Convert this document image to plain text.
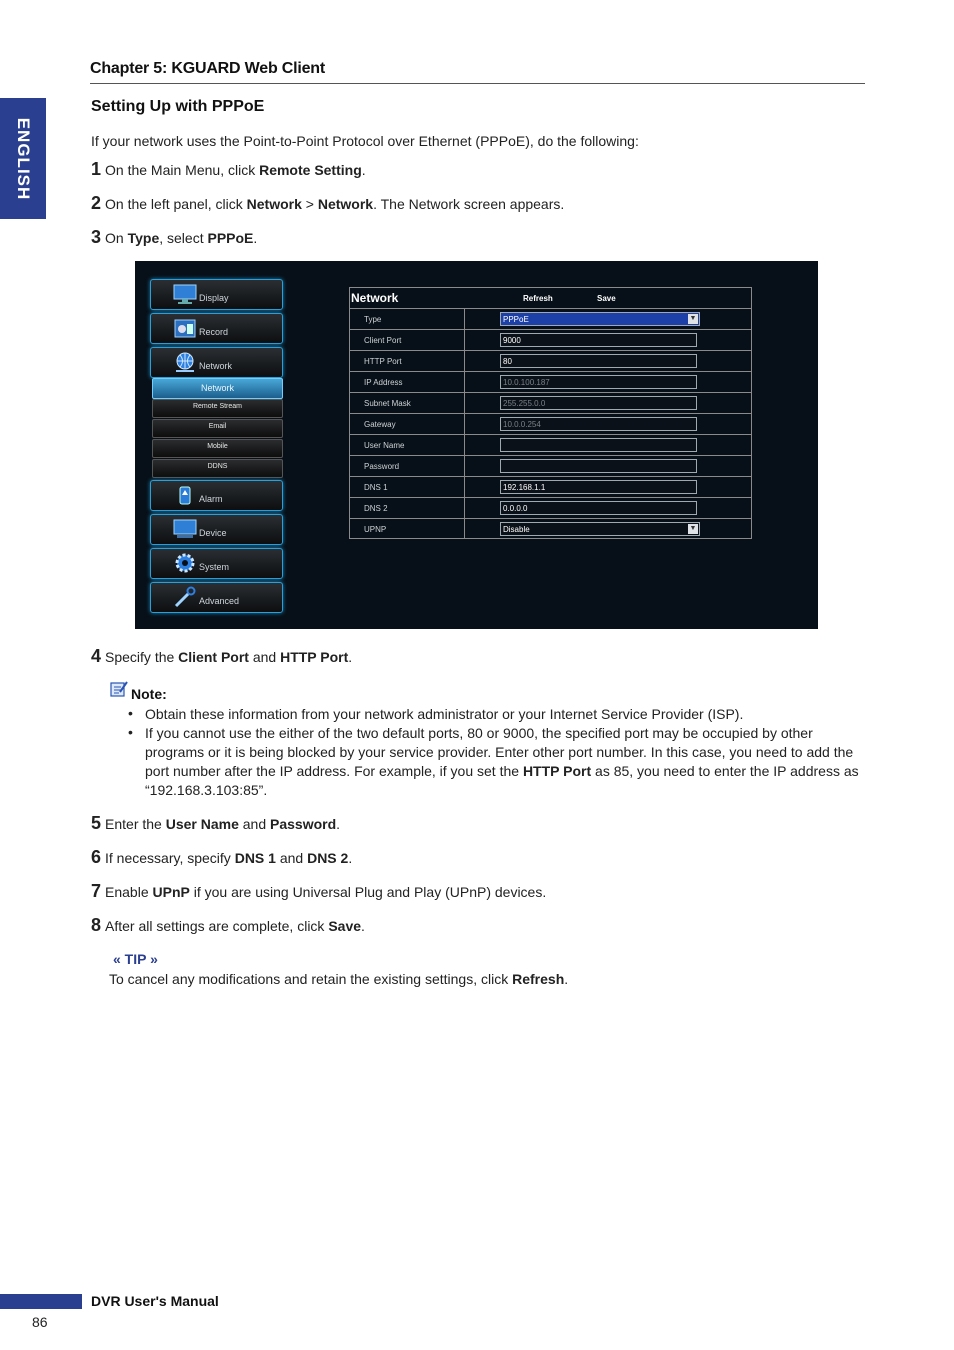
Chapter 5: KGUARD Web Client
ENGLISH
Setting Up with PPPoE
If your network uses the Point-to-Point Protocol over Ethernet (PPPoE), do the following:
1 On the Main Menu, click Remote Setting.
2 On the left panel, click Network > Network. The Network screen appears.
3 On Type, select PPPoE.
Display
Record
Network
Network
Remote Stream
Email
Mobile
DDNS
Alarm
Device
System
Advanced
Network	Refresh	Save
Type	PPPoE	▼
Client Port	9000
HTTP Port	80
IP Address	10.0.100.187
Subnet Mask	255.255.0.0
Gateway	10.0.0.254
User Name
Password
DNS 1	192.168.1.1
DNS 2	0.0.0.0
UPNP	Disable	▼
4 Specify the Client Port and HTTP Port.
Note:
• Obtain these information from your network administrator or your Internet Service Provider (ISP).
• If you cannot use the either of the two default ports, 80 or 9000, the specified port may be occupied by other programs or it is being blocked by your service provider. Enter other port number. In this case, you need to add the port number after the IP address. For example, if you set the HTTP Port as 85, you need to enter the IP address as “192.168.3.103:85”.
5 Enter the User Name and Password.
6 If necessary, specify DNS 1 and DNS 2.
7 Enable UPnP if you are using Universal Plug and Play (UPnP) devices.
8 After all settings are complete, click Save.
« TIP »
To cancel any modifications and retain the existing settings, click Refresh.
DVR User's Manual
86
